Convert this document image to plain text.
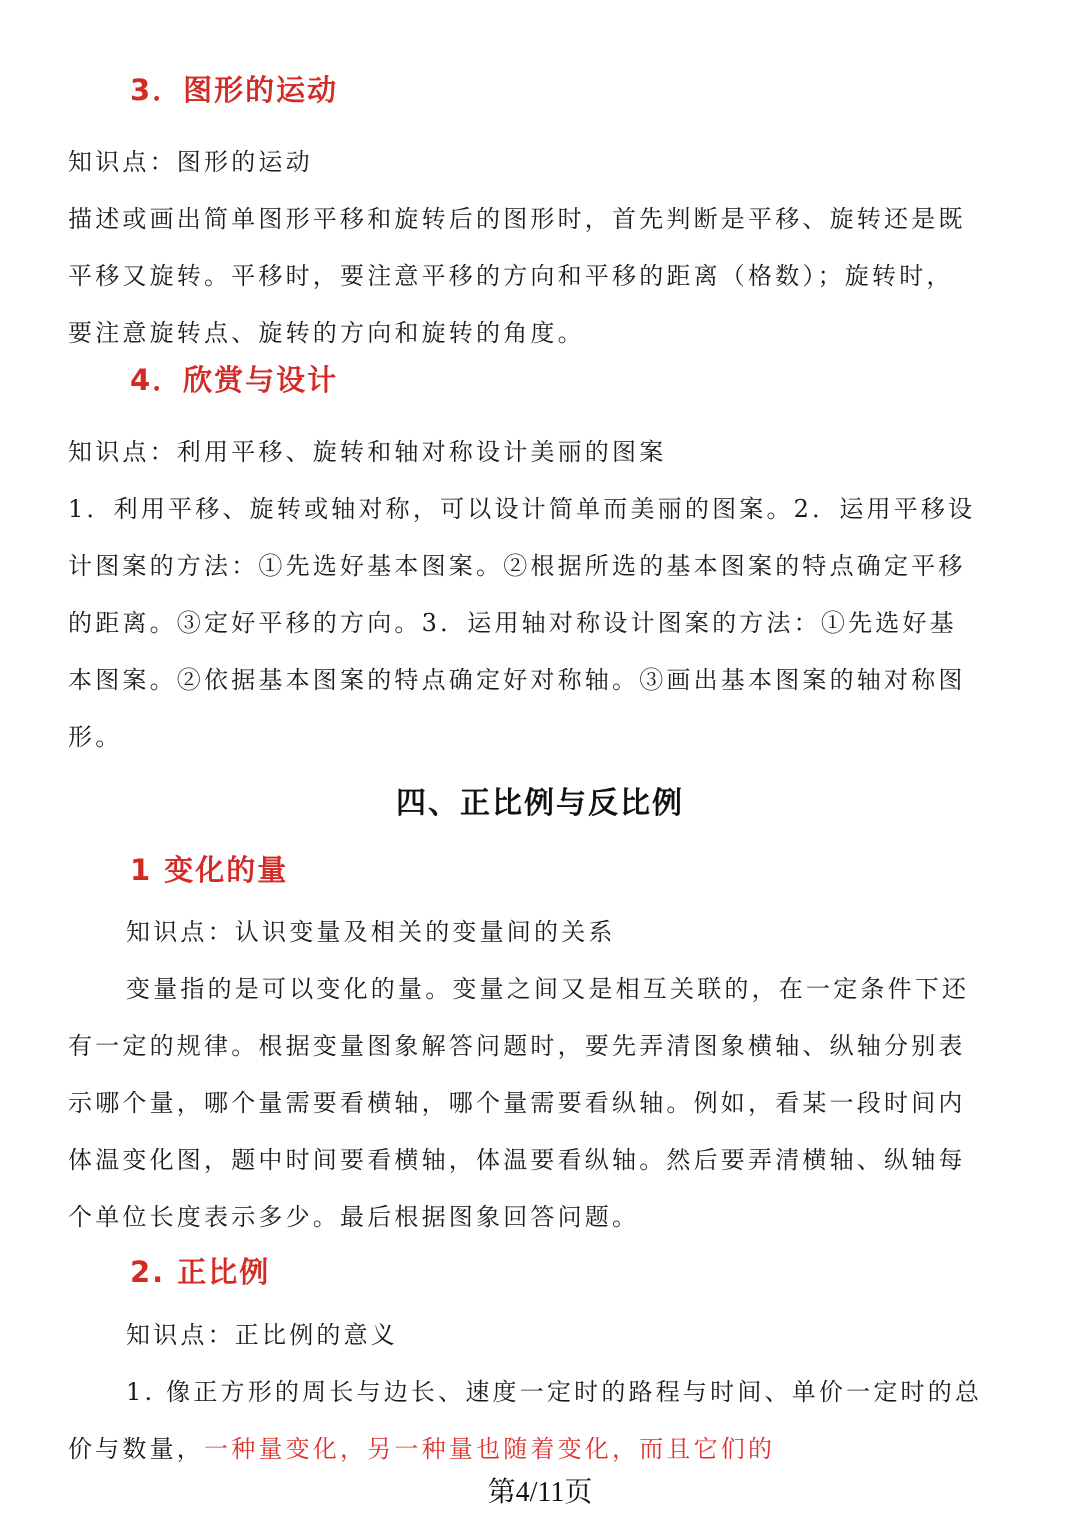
3．图形的运动
知识点：图形的运动
描述或画出简单图形平移和旋转后的图形时，首先判断是平移、旋转还是既
平移又旋转。平移时，要注意平移的方向和平移的距离（格数）；旋转时，
要注意旋转点、旋转的方向和旋转的角度。
4．欣赏与设计
知识点：利用平移、旋转和轴对称设计美丽的图案
1．利用平移、旋转或轴对称，可以设计简单而美丽的图案。2．运用平移设
计图案的方法：①先选好基本图案。②根据所选的基本图案的特点确定平移
的距离。③定好平移的方向。3．运用轴对称设计图案的方法：①先选好基
本图案。②依据基本图案的特点确定好对称轴。③画出基本图案的轴对称图
形。
四、正比例与反比例
1 变化的量
知识点：认识变量及相关的变量间的关系
变量指的是可以变化的量。变量之间又是相互关联的，在一定条件下还
有一定的规律。根据变量图象解答问题时，要先弄清图象横轴、纵轴分别表
示哪个量，哪个量需要看横轴，哪个量需要看纵轴。例如，看某一段时间内
体温变化图，题中时间要看横轴，体温要看纵轴。然后要弄清横轴、纵轴每
个单位长度表示多少。最后根据图象回答问题。
2. 正比例
知识点：正比例的意义
1. 像正方形的周长与边长、速度一定时的路程与时间、单价一定时的总
价与数量，一种量变化，另一种量也随着变化，而且它们的
第4/11页
